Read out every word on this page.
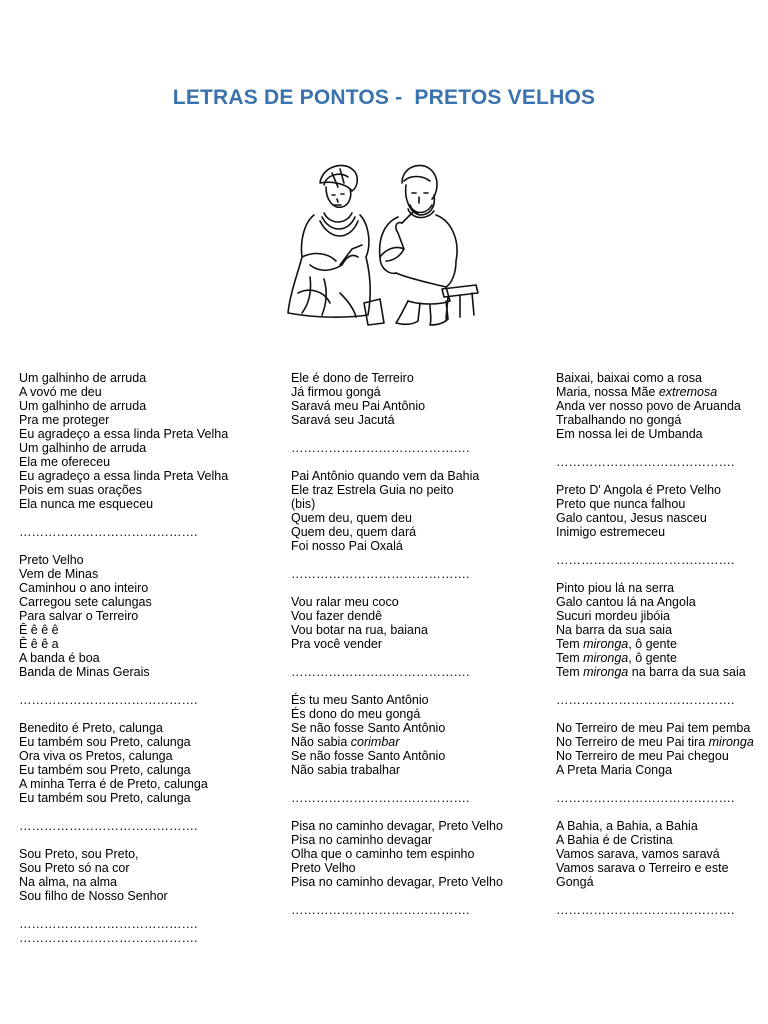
LETRAS DE PONTOS -  PRETOS VELHOS
Um galhinho de arruda
A vovó me deu
Um galhinho de arruda
Pra me proteger
Eu agradeço a essa linda Preta Velha
Um galhinho de arruda
Ela me ofereceu
Eu agradeço a essa linda Preta Velha
Pois em suas orações
Ela nunca me esqueceu
…………………………………….
Preto Velho
Vem de Minas
Caminhou o ano inteiro
Carregou sete calungas
Para salvar o Terreiro
Ê ê ê ê
Ê ê ê a
A banda é boa
Banda de Minas Gerais
…………………………………….
Benedito é Preto, calunga
Eu também sou Preto, calunga
Ora viva os Pretos, calunga
Eu também sou Preto, calunga
A minha Terra é de Preto, calunga
Eu também sou Preto, calunga
…………………………………….
Sou Preto, sou Preto,
Sou Preto só na cor
Na alma, na alma
Sou filho de Nosso Senhor
…………………………………….
…………………………………….
Ele é dono de Terreiro
Já firmou gongá
Saravá meu Pai Antônio
Saravá seu Jacutá
…………………………………….
Pai Antônio quando vem da Bahia
Ele traz Estrela Guia no peito
(bis)
Quem deu, quem deu
Quem deu, quem dará
Foi nosso Pai Oxalá
…………………………………….
Vou ralar meu coco
Vou fazer dendê
Vou botar na rua, baiana
Pra você vender
…………………………………….
És tu meu Santo Antônio
És dono do meu gongá
Se não fosse Santo Antônio
Não sabia corimbar
Se não fosse Santo Antônio
Não sabia trabalhar
…………………………………….
Pisa no caminho devagar, Preto Velho
Pisa no caminho devagar
Olha que o caminho tem espinho
Preto Velho
Pisa no caminho devagar, Preto Velho
…………………………………….
Baixai, baixai como a rosa
Maria, nossa Mãe extremosa
Anda ver nosso povo de Aruanda
Trabalhando no gongá
Em nossa lei de Umbanda
…………………………………….
Preto D' Angola é Preto Velho
Preto que nunca falhou
Galo cantou, Jesus nasceu
Inimigo estremeceu
…………………………………….
Pinto piou lá na serra
Galo cantou lá na Angola
Sucuri mordeu jibóia
Na barra da sua saia
Tem mironga, ô gente
Tem mironga, ô gente
Tem mironga na barra da sua saia
…………………………………….
No Terreiro de meu Pai tem pemba
No Terreiro de meu Pai tira mironga
No Terreiro de meu Pai chegou
A Preta Maria Conga
…………………………………….
A Bahia, a Bahia, a Bahia
A Bahia é de Cristina
Vamos sarava, vamos saravá
Vamos sarava o Terreiro e este Gongá
…………………………………….
